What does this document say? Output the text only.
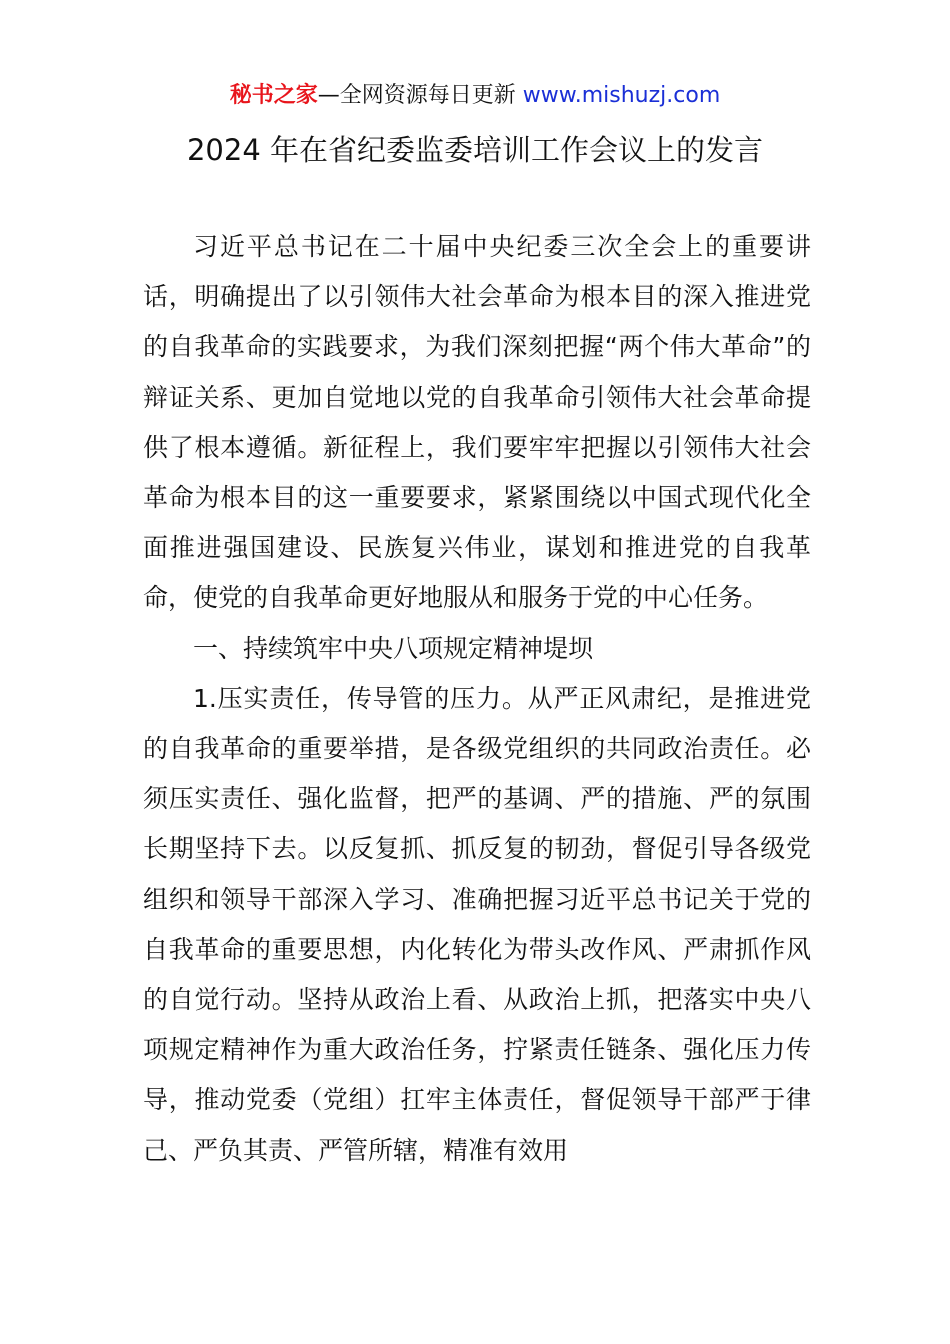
秘书之家—全网资源每日更新 www.mishuzj.com
2024 年在省纪委监委培训工作会议上的发言

习近平总书记在二十届中央纪委三次全会上的重要讲话，明确提出了以引领伟大社会革命为根本目的深入推进党的自我革命的实践要求，为我们深刻把握“两个伟大革命”的辩证关系、更加自觉地以党的自我革命引领伟大社会革命提供了根本遵循。新征程上，我们要牢牢把握以引领伟大社会革命为根本目的这一重要要求，紧紧围绕以中国式现代化全面推进强国建设、民族复兴伟业，谋划和推进党的自我革命，使党的自我革命更好地服从和服务于党的中心任务。

一、持续筑牢中央八项规定精神堤坝

1.压实责任，传导管的压力。从严正风肃纪，是推进党的自我革命的重要举措，是各级党组织的共同政治责任。必须压实责任、强化监督，把严的基调、严的措施、严的氛围长期坚持下去。以反复抓、抓反复的韧劲，督促引导各级党组织和领导干部深入学习、准确把握习近平总书记关于党的自我革命的重要思想，内化转化为带头改作风、严肃抓作风的自觉行动。坚持从政治上看、从政治上抓，把落实中央八项规定精神作为重大政治任务，拧紧责任链条、强化压力传导，推动党委（党组）扛牢主体责任，督促领导干部严于律己、严负其责、严管所辖，精准有效用
